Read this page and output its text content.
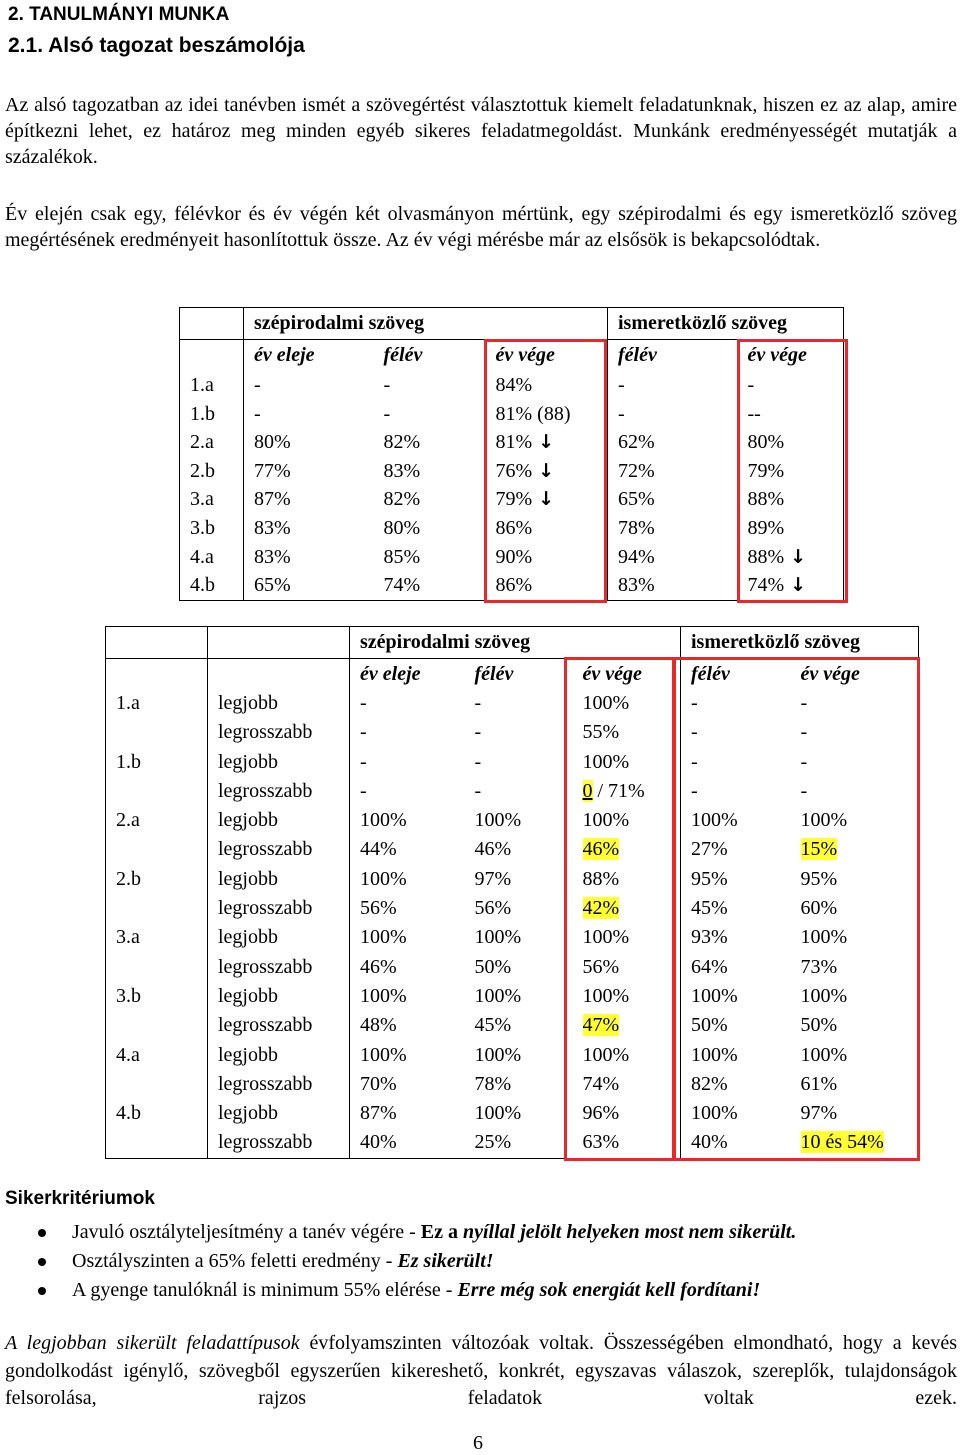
2. TANULMÁNYI MUNKA
2.1. Alsó tagozat beszámolója

Az alsó tagozatban az idei tanévben ismét a szövegértést választottuk kiemelt feladatunknak, hiszen ez az alap, amire építkezni lehet, ez határoz meg minden egyéb sikeres feladatmegoldást. Munkánk eredményességét mutatják a százalékok.

Év elején csak egy, félévkor és év végén két olvasmányon mértünk, egy szépirodalmi és egy ismeretközlő szöveg megértésének eredményeit hasonlítottuk össze. Az év végi mérésbe már az elsősök is bekapcsolódtak.

	szépirodalmi szöveg			ismeretközlő szöveg	
	év eleje	félév	év vége	félév	év vége
1.a	-	-	84%	-	-
1.b	-	-	81% (88)	-	--
2.a	80%	82%	81% ↓	62%	80%
2.b	77%	83%	76% ↓	72%	79%
3.a	87%	82%	79% ↓	65%	88%
3.b	83%	80%	86%	78%	89%
4.a	83%	85%	90%	94%	88% ↓
4.b	65%	74%	86%	83%	74% ↓
		szépirodalmi szöveg			ismeretközlő szöveg	
		év eleje	félév	év vége	félév	év vége
1.a	legjobb	-	-	100%	-	-
	legrosszabb	-	-	55%	-	-
1.b	legjobb	-	-	100%	-	-
	legrosszabb	-	-	0 / 71%	-	-
2.a	legjobb	100%	100%	100%	100%	100%
	legrosszabb	44%	46%	46%	27%	15%
2.b	legjobb	100%	97%	88%	95%	95%
	legrosszabb	56%	56%	42%	45%	60%
3.a	legjobb	100%	100%	100%	93%	100%
	legrosszabb	46%	50%	56%	64%	73%
3.b	legjobb	100%	100%	100%	100%	100%
	legrosszabb	48%	45%	47%	50%	50%
4.a	legjobb	100%	100%	100%	100%	100%
	legrosszabb	70%	78%	74%	82%	61%
4.b	legjobb	87%	100%	96%	100%	97%
	legrosszabb	40%	25%	63%	40%	10 és 54%
Sikerkritériumok
Javuló osztályteljesítmény a tanév végére - Ez a nyíllal jelölt helyeken most nem sikerült.
Osztályszinten a 65% feletti eredmény - Ez sikerült!
A gyenge tanulóknál is minimum 55% elérése - Erre még sok energiát kell fordítani!

A legjobban sikerült feladattípusok évfolyamszinten változóak voltak. Összességében elmondható, hogy a kevés gondolkodást igénylő, szövegből egyszerűen kikereshető, konkrét, egyszavas válaszok, szereplők, tulajdonságok felsorolása, rajzos feladatok voltak ezek.

6
